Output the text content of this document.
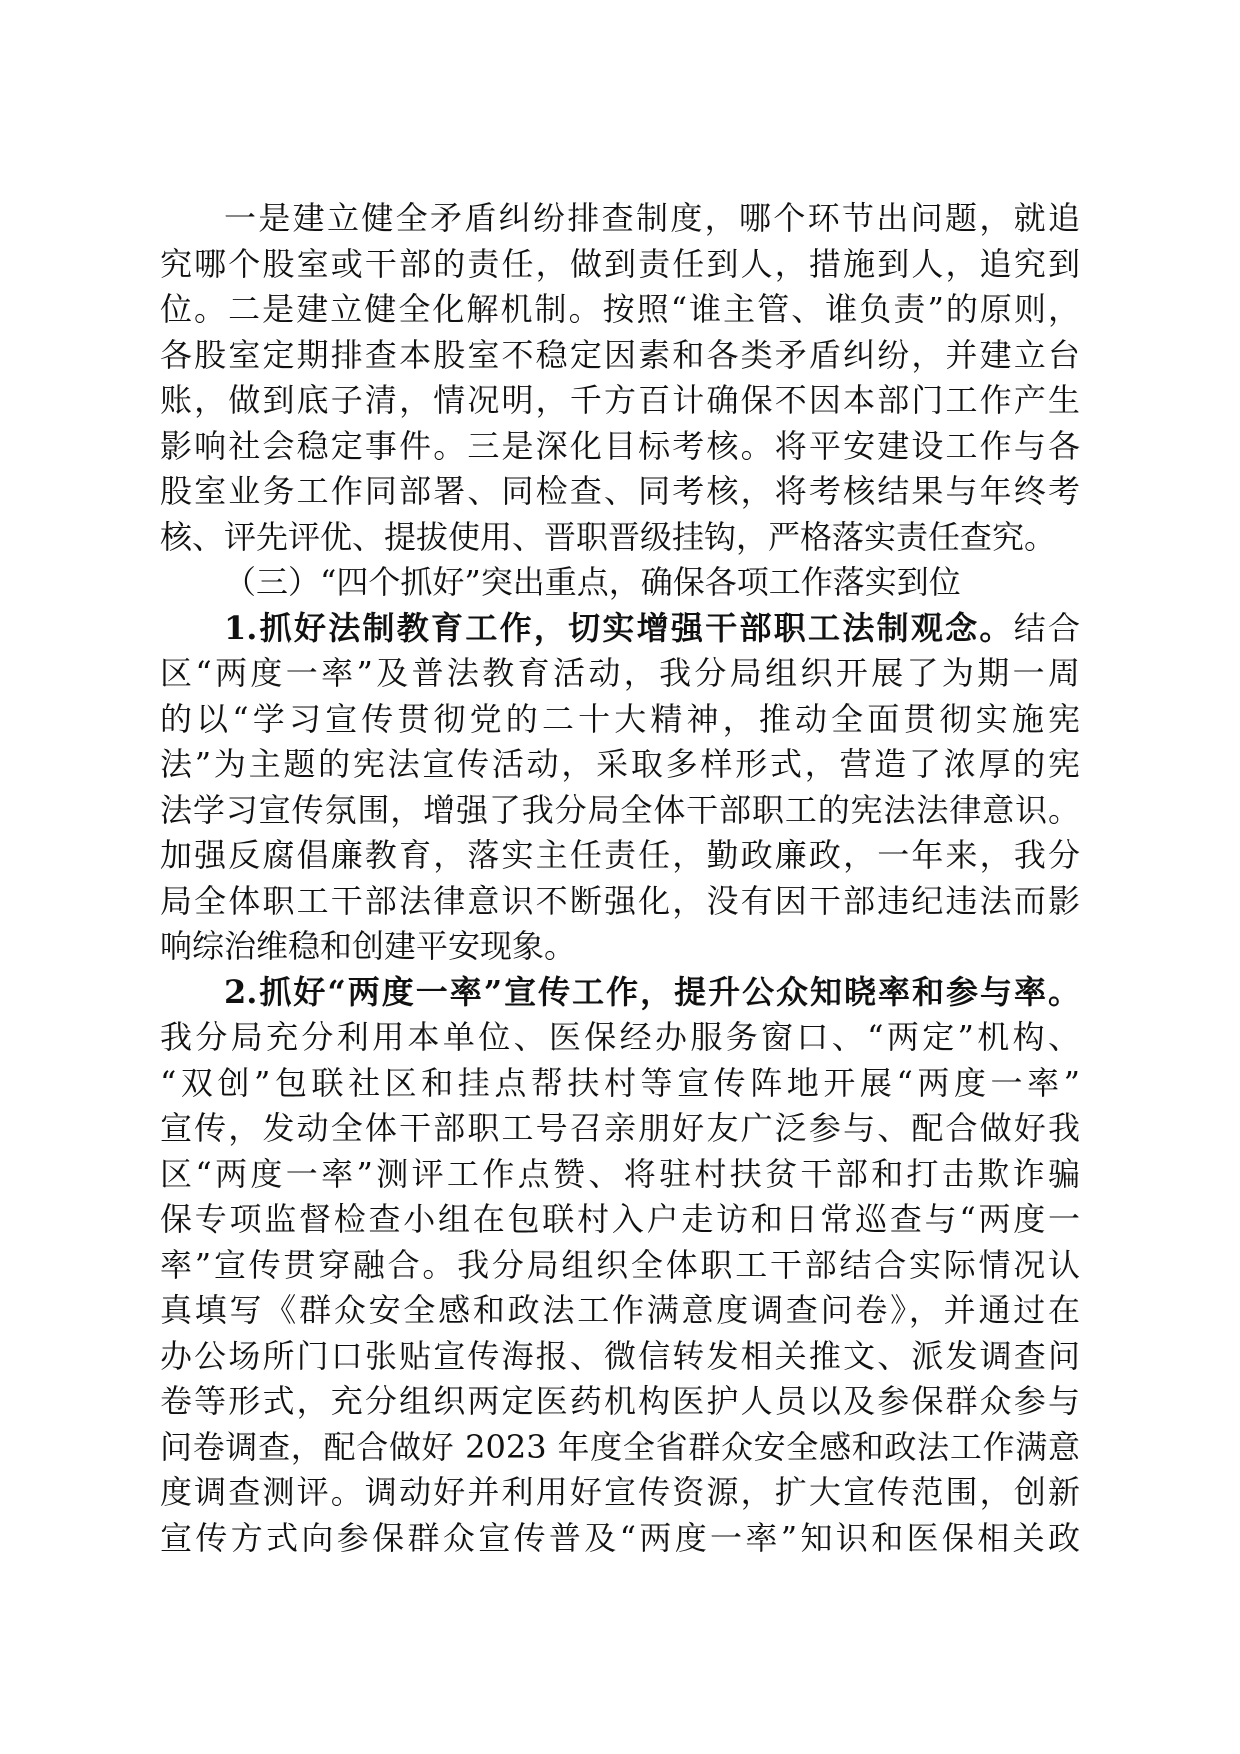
一是建立健全矛盾纠纷排查制度，哪个环节出问题，就追
究哪个股室或干部的责任，做到责任到人，措施到人，追究到
位。二是建立健全化解机制。按照“谁主管、谁负责”的原则，
各股室定期排查本股室不稳定因素和各类矛盾纠纷，并建立台
账，做到底子清，情况明，千方百计确保不因本部门工作产生
影响社会稳定事件。三是深化目标考核。将平安建设工作与各
股室业务工作同部署、同检查、同考核，将考核结果与年终考
核、评先评优、提拔使用、晋职晋级挂钩，严格落实责任查究。
（三）“四个抓好”突出重点，确保各项工作落实到位
1.抓好法制教育工作，切实增强干部职工法制观念。结合
区“两度一率”及普法教育活动，我分局组织开展了为期一周
的以“学习宣传贯彻党的二十大精神，推动全面贯彻实施宪
法”为主题的宪法宣传活动，采取多样形式，营造了浓厚的宪
法学习宣传氛围，增强了我分局全体干部职工的宪法法律意识。
加强反腐倡廉教育，落实主任责任，勤政廉政，一年来，我分
局全体职工干部法律意识不断强化，没有因干部违纪违法而影
响综治维稳和创建平安现象。
2.抓好“两度一率”宣传工作，提升公众知晓率和参与率。
我分局充分利用本单位、医保经办服务窗口、“两定”机构、
“双创”包联社区和挂点帮扶村等宣传阵地开展“两度一率”
宣传，发动全体干部职工号召亲朋好友广泛参与、配合做好我
区“两度一率”测评工作点赞、将驻村扶贫干部和打击欺诈骗
保专项监督检查小组在包联村入户走访和日常巡查与“两度一
率”宣传贯穿融合。我分局组织全体职工干部结合实际情况认
真填写《群众安全感和政法工作满意度调查问卷》，并通过在
办公场所门口张贴宣传海报、微信转发相关推文、派发调查问
卷等形式，充分组织两定医药机构医护人员以及参保群众参与
问卷调查，配合做好 2023 年度全省群众安全感和政法工作满意
度调查测评。调动好并利用好宣传资源，扩大宣传范围，创新
宣传方式向参保群众宣传普及“两度一率”知识和医保相关政
